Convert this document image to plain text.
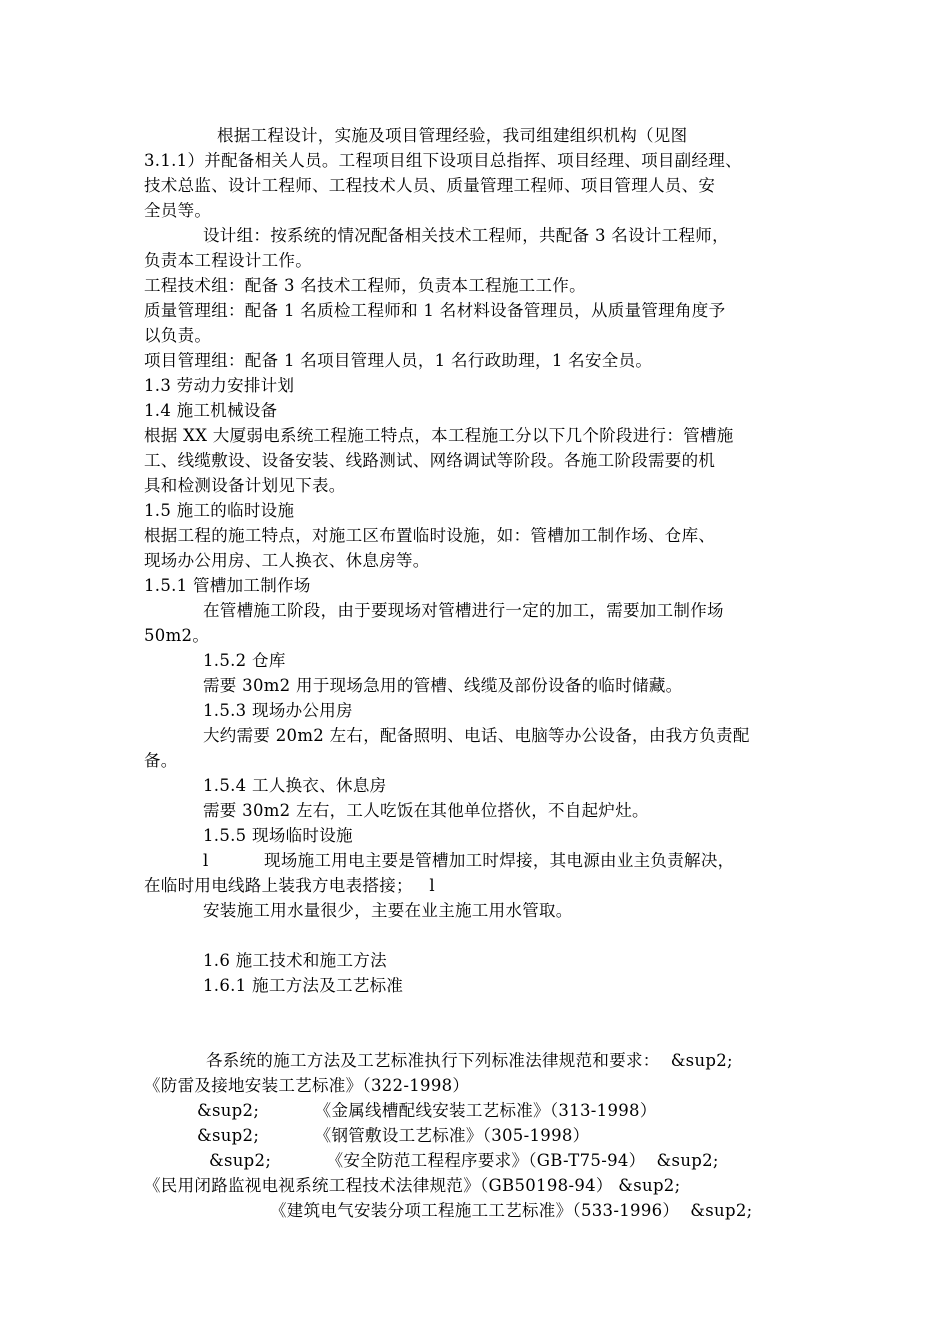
根据工程设计，实施及项目管理经验，我司组建组织机构（见图
3.1.1）并配备相关人员。工程项目组下设项目总指挥、项目经理、项目副经理、
技术总监、设计工程师、工程技术人员、质量管理工程师、项目管理人员、安
全员等。
设计组：按系统的情况配备相关技术工程师，共配备 3 名设计工程师，
负责本工程设计工作。
工程技术组：配备 3 名技术工程师，负责本工程施工工作。
质量管理组：配备 1 名质检工程师和 1 名材料设备管理员，从质量管理角度予
以负责。
项目管理组：配备 1 名项目管理人员，1 名行政助理，1 名安全员。
1.3 劳动力安排计划
1.4 施工机械设备
根据 XX 大厦弱电系统工程施工特点，本工程施工分以下几个阶段进行：管槽施
工、线缆敷设、设备安装、线路测试、网络调试等阶段。各施工阶段需要的机
具和检测设备计划见下表。
1.5 施工的临时设施
根据工程的施工特点，对施工区布置临时设施，如：管槽加工制作场、仓库、
现场办公用房、工人换衣、休息房等。
1.5.1 管槽加工制作场
在管槽施工阶段，由于要现场对管槽进行一定的加工，需要加工制作场
50m2。
1.5.2 仓库
需要 30m2 用于现场急用的管槽、线缆及部份设备的临时储藏。
1.5.3 现场办公用房
大约需要 20m2 左右，配备照明、电话、电脑等办公设备，由我方负责配
备。
1.5.4 工人换衣、休息房
需要 30m2 左右，工人吃饭在其他单位搭伙，不自起炉灶。
1.5.5 现场临时设施
l          现场施工用电主要是管槽加工时焊接，其电源由业主负责解决，
在临时用电线路上装我方电表搭接；   l
安装施工用水量很少，主要在业主施工用水管取。
1.6 施工技术和施工方法
1.6.1 施工方法及工艺标准
各系统的施工方法及工艺标准执行下列标准法律规范和要求：  &sup2;
《防雷及接地安装工艺标准》（322-1998）
&sup2;          《金属线槽配线安装工艺标准》（313-1998）
&sup2;          《钢管敷设工艺标准》（305-1998）
&sup2;          《安全防范工程程序要求》（GB-T75-94）  &sup2;
《民用闭路监视电视系统工程技术法律规范》（GB50198-94） &sup2;
《建筑电气安装分项工程施工工艺标准》（533-1996）  &sup2;
